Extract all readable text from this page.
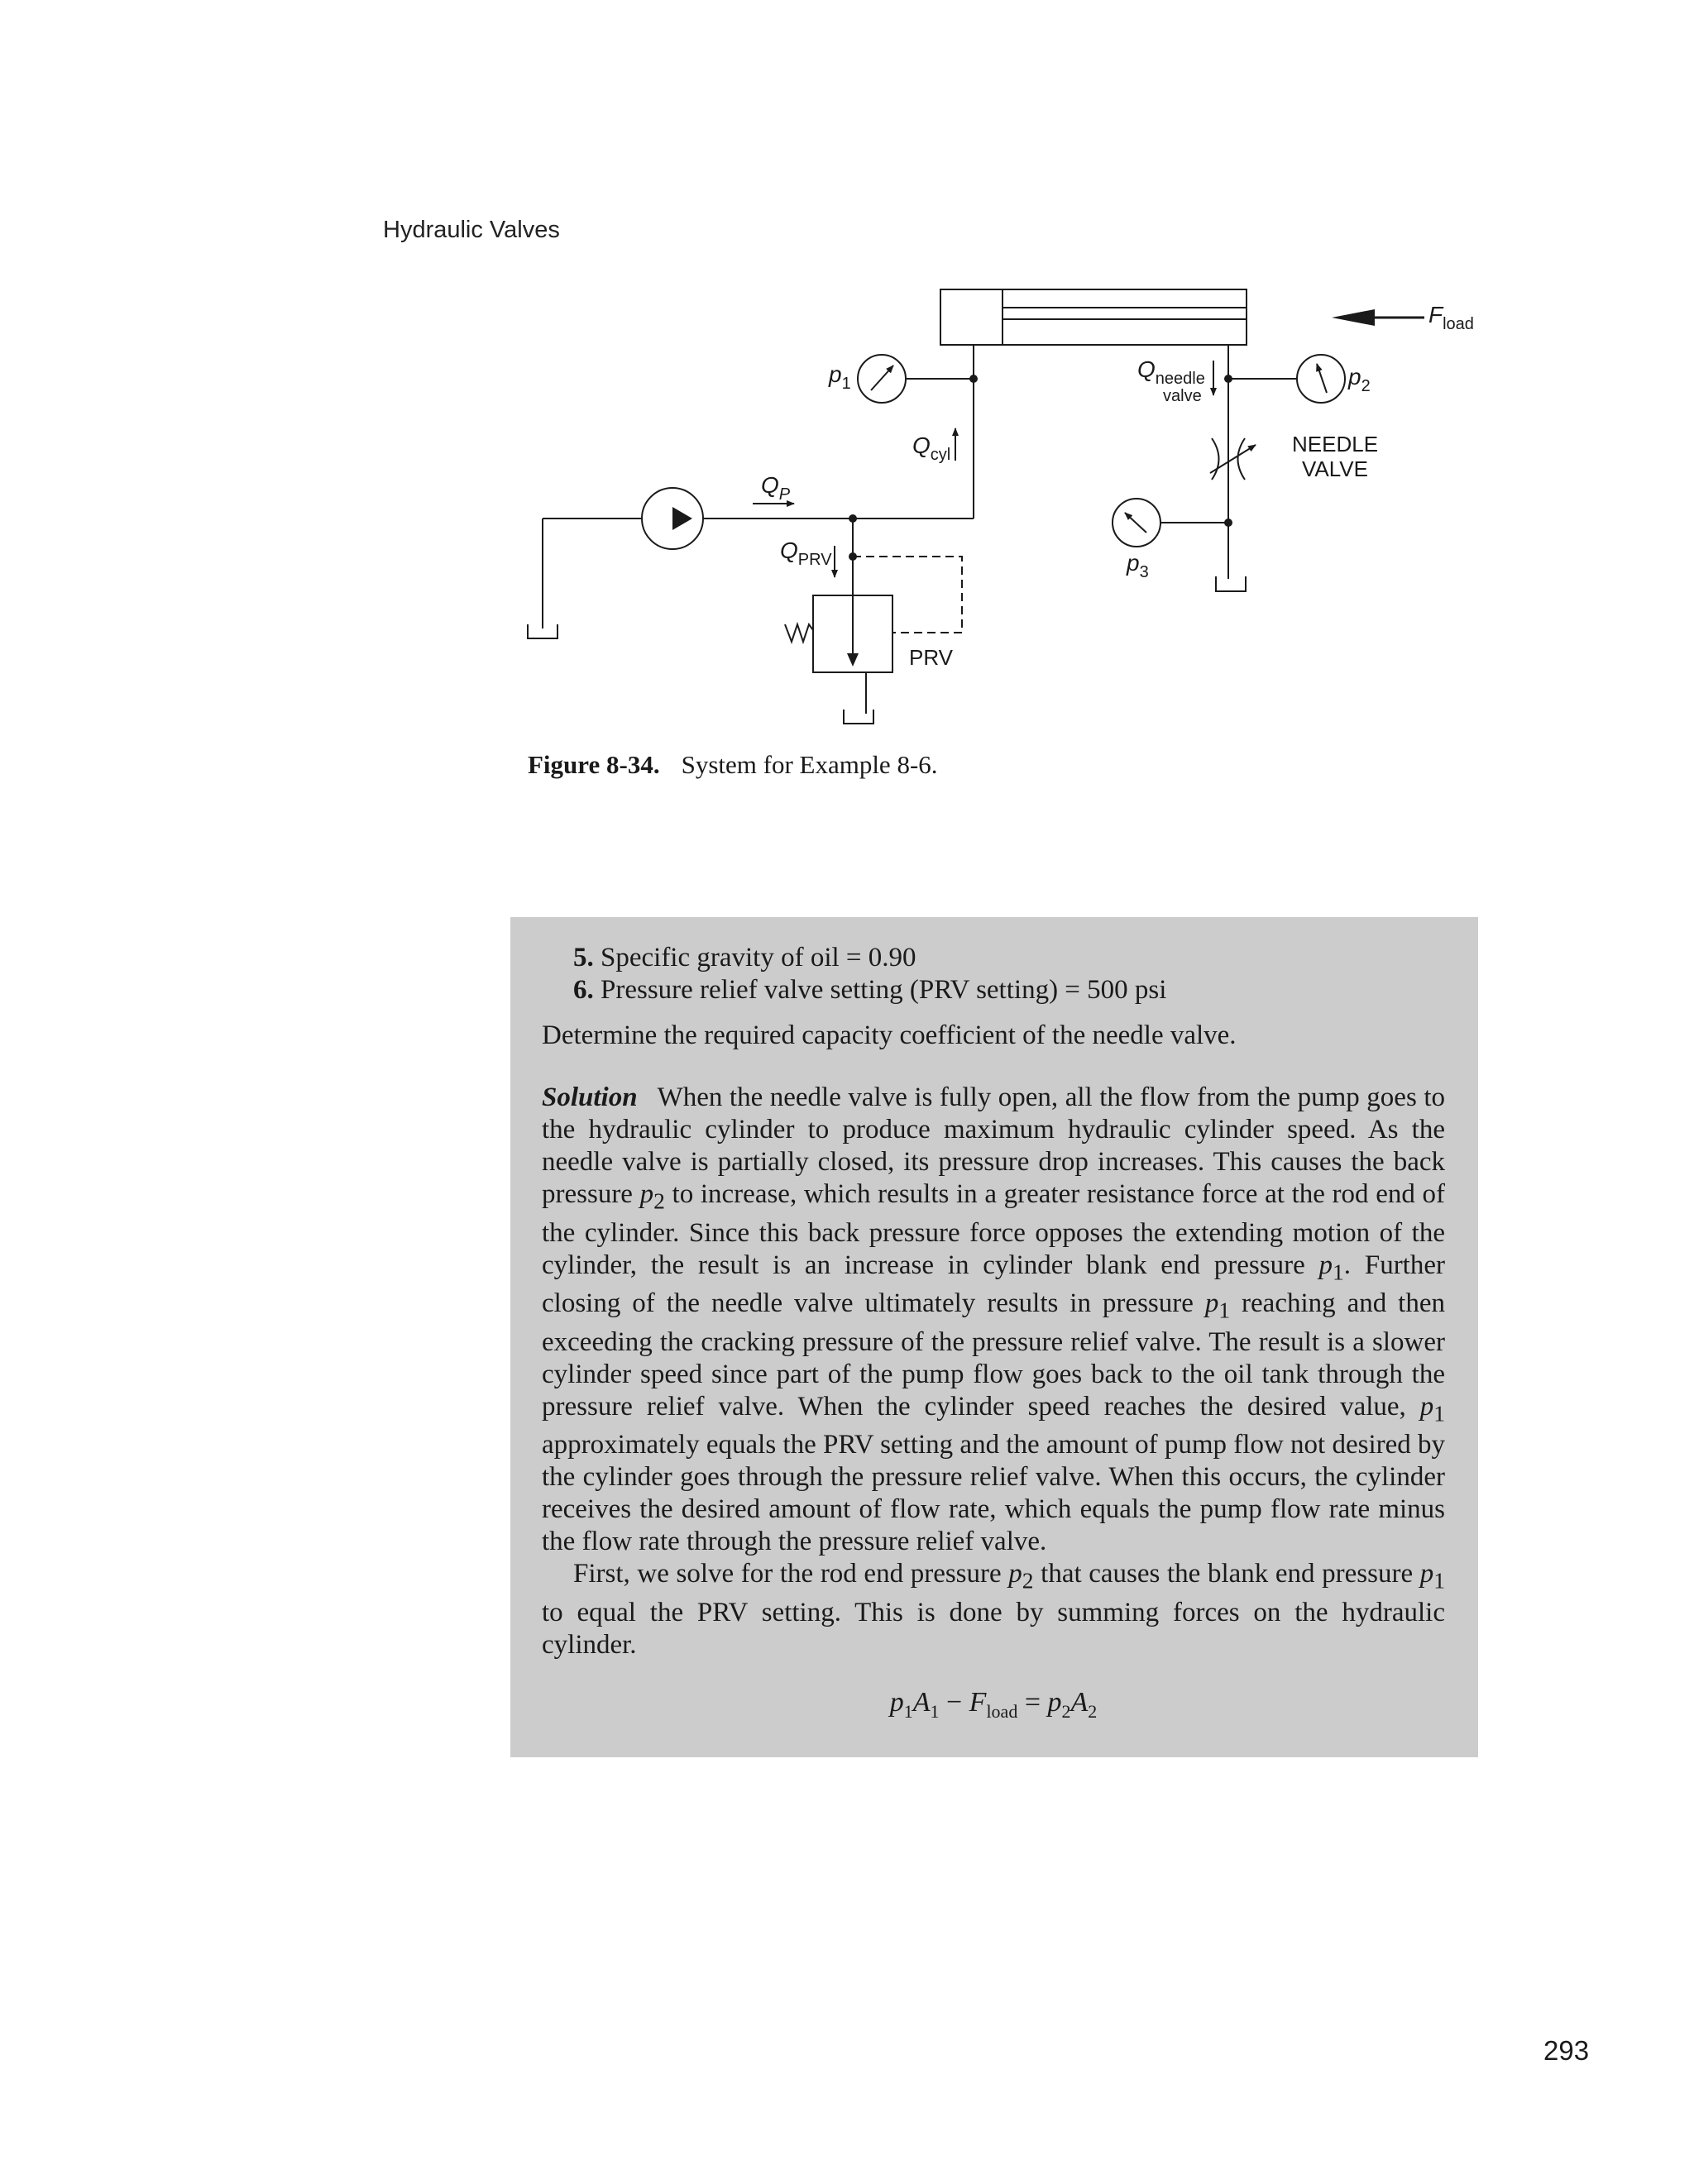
Hydraulic Valves
$F_{load}$
$p_1$	$p_2$
$p_3$
$Q_{needle}$
valve
$Q_{cyl}$
$Q_P$
$Q_{PRV}$
NEEDLE
VALVE
PRV
Figure 8-34. System for Example 8-6.
5. Specific gravity of oil = 0.90
6. Pressure relief valve setting (PRV setting) = 500 psi

Determine the required capacity coefficient of the needle valve.

Solution When the needle valve is fully open, all the flow from the pump goes to the hydraulic cylinder to produce maximum hydraulic cylinder speed. As the needle valve is partially closed, its pressure drop increases. This causes the back pressure $p_2$ to increase, which results in a greater resistance force at the rod end of the cylinder. Since this back pressure force opposes the extending motion of the cylinder, the result is an increase in cylinder blank end pressure $p_1$. Further closing of the needle valve ultimately results in pressure $p_1$ reaching and then exceeding the cracking pressure of the pressure relief valve. The result is a slower cylinder speed since part of the pump flow goes back to the oil tank through the pressure relief valve. When the cylinder speed reaches the desired value, $p_1$ approximately equals the PRV setting and the amount of pump flow not desired by the cylinder goes through the pressure relief valve. When this occurs, the cylinder receives the desired amount of flow rate, which equals the pump flow rate minus the flow rate through the pressure relief valve.

First, we solve for the rod end pressure $p_2$ that causes the blank end pressure $p_1$ to equal the PRV setting. This is done by summing forces on the hydraulic cylinder.

$p_1A_1 - F_{load} = p_2A_2$
293
